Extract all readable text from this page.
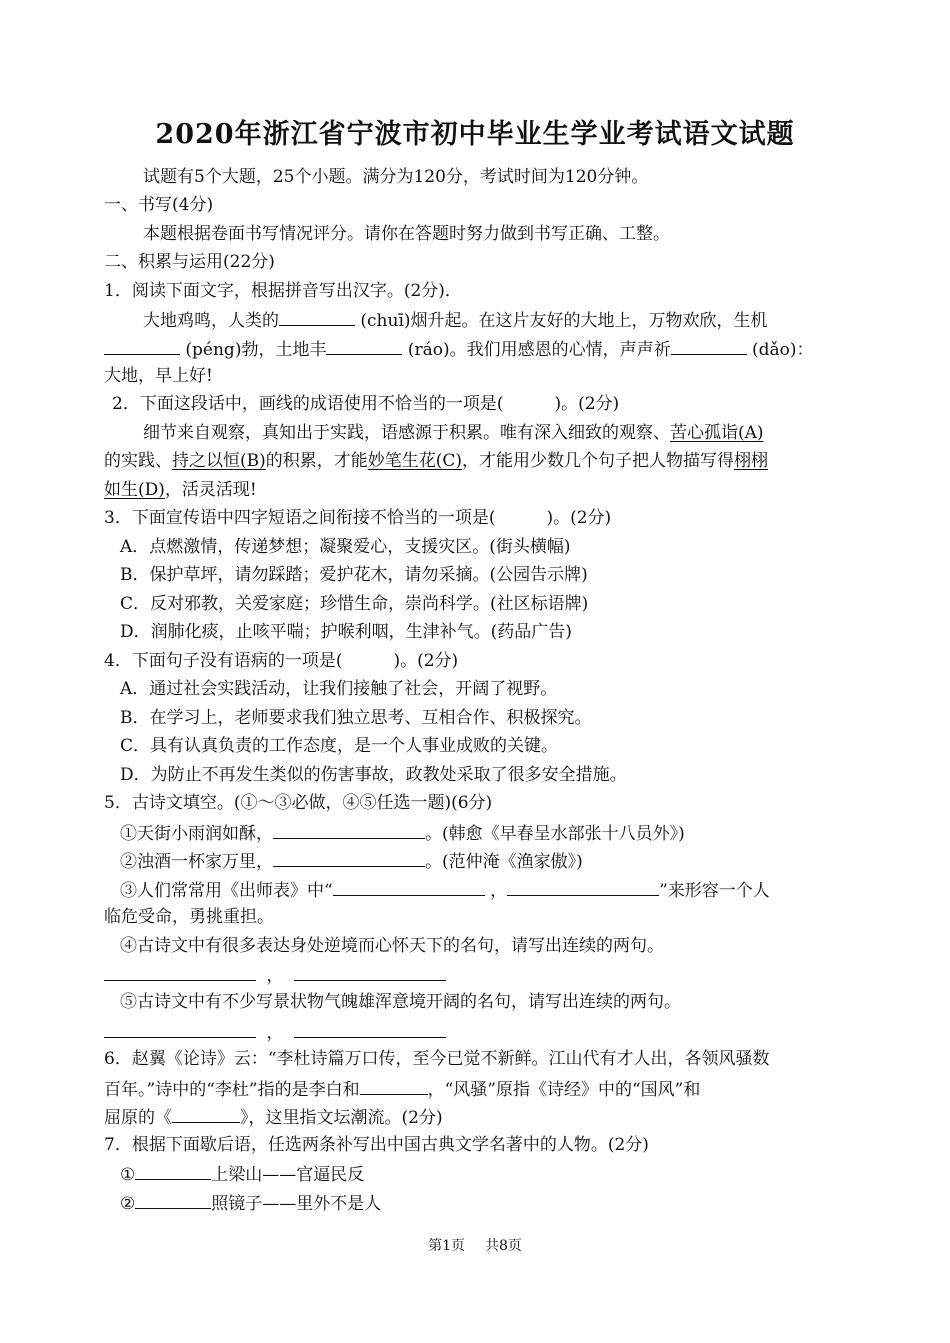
2020年浙江省宁波市初中毕业生学业考试语文试题
试题有5个大题，25个小题。满分为120分，考试时间为120分钟。
一、书写(4分)
本题根据卷面书写情况评分。请你在答题时努力做到书写正确、工整。
二、积累与运用(22分)
1．阅读下面文字，根据拼音写出汉字。(2分)．
大地鸡鸣，人类的	(chuī)烟升起。在这片友好的大地上，万物欢欣，生机
(péng)勃，土地丰	(ráo)。我们用感恩的心情，声声祈	(dǎo)：
大地，早上好!
2．下面这段话中，画线的成语使用不恰当的一项是(　　　)。(2分)
细节来自观察，真知出于实践，语感源于积累。唯有深入细致的观察、苦心孤诣(A)
的实践、持之以恒(B)的积累，才能妙笔生花(C)，才能用少数几个句子把人物描写得栩栩
如生(D)，活灵活现!
3．下面宣传语中四字短语之间衔接不恰当的一项是(　　　)。(2分)
A．点燃激情，传递梦想；凝聚爱心，支援灾区。(街头横幅)
B．保护草坪，请勿踩踏；爱护花木，请勿采摘。(公园告示牌)
C．反对邪教，关爱家庭；珍惜生命，崇尚科学。(社区标语牌)
D．润肺化痰，止咳平喘；护喉利咽，生津补气。(药品广告)
4．下面句子没有语病的一项是(　　　)。(2分)
A．通过社会实践活动，让我们接触了社会，开阔了视野。
B．在学习上，老师要求我们独立思考、互相合作、积极探究。
C．具有认真负责的工作态度，是一个人事业成败的关键。
D．为防止不再发生类似的伤害事故，政教处采取了很多安全措施。
5．古诗文填空。(①～③必做，④⑤任选一题)(6分)
①天街小雨润如酥，	。(韩愈《早春呈水部张十八员外》)
②浊酒一杯家万里，	。(范仲淹《渔家傲》)
③人们常常用《出师表》中“	，	”来形容一个人
临危受命，勇挑重担。
④古诗文中有很多表达身处逆境而心怀天下的名句，请写出连续的两句。
，
⑤古诗文中有不少写景状物气魄雄浑意境开阔的名句，请写出连续的两句。
，
6．赵翼《论诗》云：“李杜诗篇万口传，至今已觉不新鲜。江山代有才人出，各领风骚数
百年。”诗中的“李杜”指的是李白和	，“风骚”原指《诗经》中的“国风”和
屈原的《	》，这里指文坛潮流。(2分)
7．根据下面歇后语，任选两条补写出中国古典文学名著中的人物。(2分)
①	上梁山——官逼民反
②	照镜子——里外不是人
第1页 共8页
